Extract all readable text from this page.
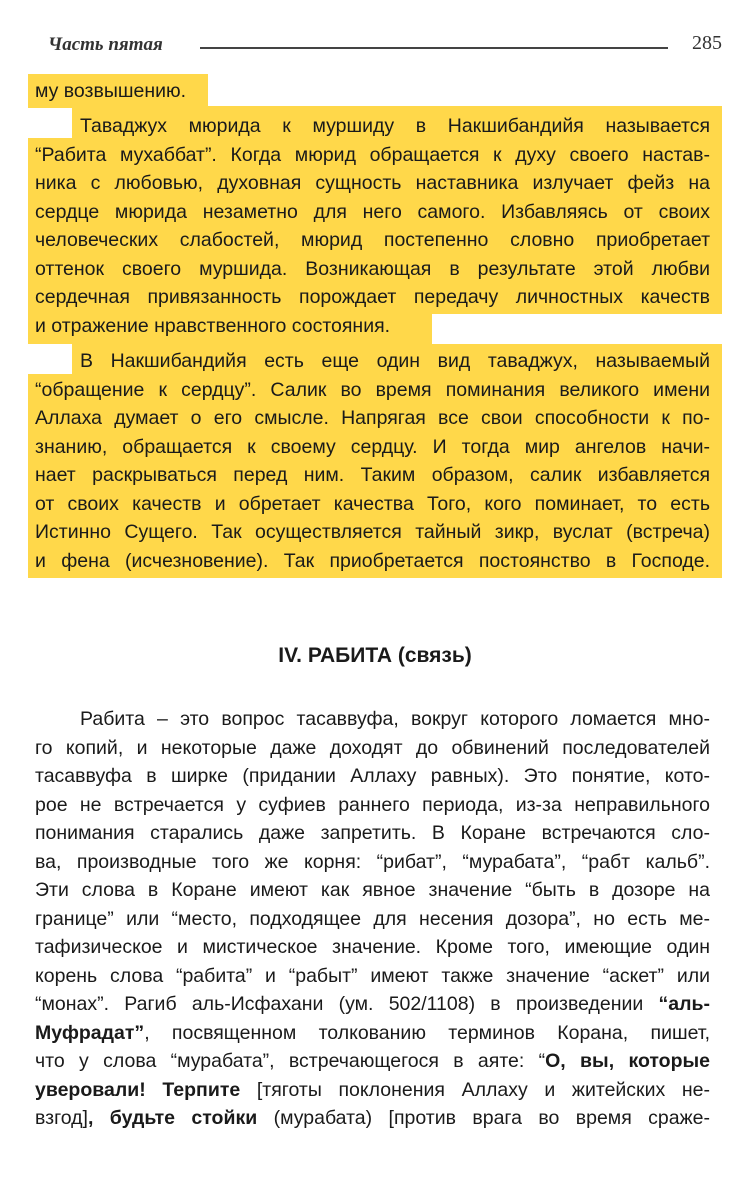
Часть пятая	285
му возвышению.
Таваджух мюрида к муршиду в Накшибандийя называется
“Рабита мухаббат”. Когда мюрид обращается к духу своего настав-
ника с любовью, духовная сущность наставника излучает фейз на
сердце мюрида незаметно для него самого. Избавляясь от своих
человеческих слабостей, мюрид постепенно словно приобретает
оттенок своего муршида. Возникающая в результате этой любви
сердечная привязанность порождает передачу личностных качеств
и отражение нравственного состояния.
В Накшибандийя есть еще один вид таваджух, называемый
“обращение к сердцу”. Салик во время поминания великого имени
Аллаха думает о его смысле. Напрягая все свои способности к по-
знанию, обращается к своему сердцу. И тогда мир ангелов начи-
нает раскрываться перед ним. Таким образом, салик избавляется
от своих качеств и обретает качества Того, кого поминает, то есть
Истинно Сущего. Так осуществляется тайный зикр, вуслат (встреча)
и фена (исчезновение). Так приобретается постоянство в Господе.
IV. РАБИТА (связь)
Рабита – это вопрос тасаввуфа, вокруг которого ломается мно-
го копий, и некоторые даже доходят до обвинений последователей
тасаввуфа в ширке (придании Аллаху равных). Это понятие, кото-
рое не встречается у суфиев раннего периода, из-за неправильного
понимания старались даже запретить. В Коране встречаются сло-
ва, производные того же корня: “рибат”, “мурабата”, “рабт кальб”.
Эти слова в Коране имеют как явное значение “быть в дозоре на
границе” или “место, подходящее для несения дозора”, но есть ме-
тафизическое и мистическое значение. Кроме того, имеющие один
корень слова “рабита” и “рабыт” имеют также значение “аскет” или
“монах”. Рагиб аль-Исфахани (ум. 502/1108) в произведении “аль-
Муфрадат”, посвященном толкованию терминов Корана, пишет,
что у слова “мурабата”, встречающегося в аяте: “О, вы, которые
уверовали! Терпите [тяготы поклонения Аллаху и житейских не-
взгод], будьте стойки (мурабата) [против врага во время сраже-
